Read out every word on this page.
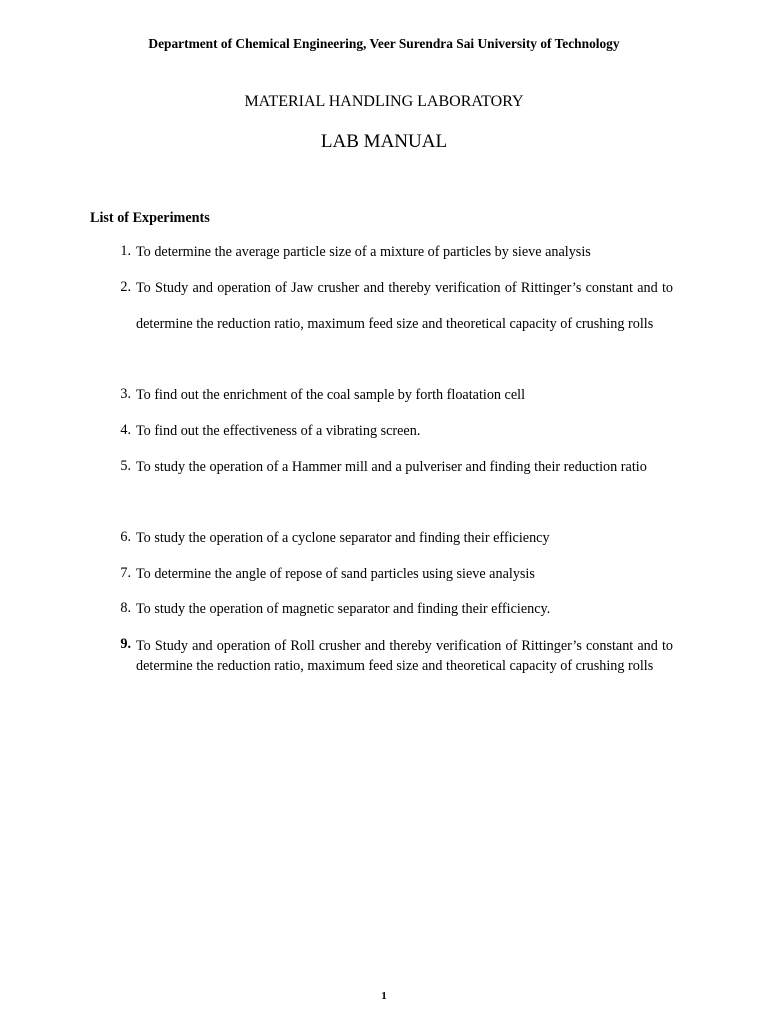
Department of Chemical Engineering, Veer Surendra Sai University of Technology
MATERIAL HANDLING LABORATORY
LAB MANUAL
List of Experiments
1. To determine the average particle size of a mixture of particles by sieve analysis
2. To Study and operation of Jaw crusher and thereby verification of Rittinger’s constant and to determine the reduction ratio, maximum feed size and theoretical capacity of crushing rolls
3. To find out the enrichment of the coal sample by forth floatation cell
4. To find out the effectiveness of a vibrating screen.
5. To study the operation of a Hammer mill and a pulveriser and finding their reduction ratio
6. To study the operation of a cyclone separator and finding their efficiency
7. To determine the angle of repose of sand particles using sieve analysis
8. To study the operation of magnetic separator and finding their efficiency.
9. To Study and operation of Roll crusher and thereby verification of Rittinger’s constant and to determine the reduction ratio, maximum feed size and theoretical capacity of crushing rolls
1
